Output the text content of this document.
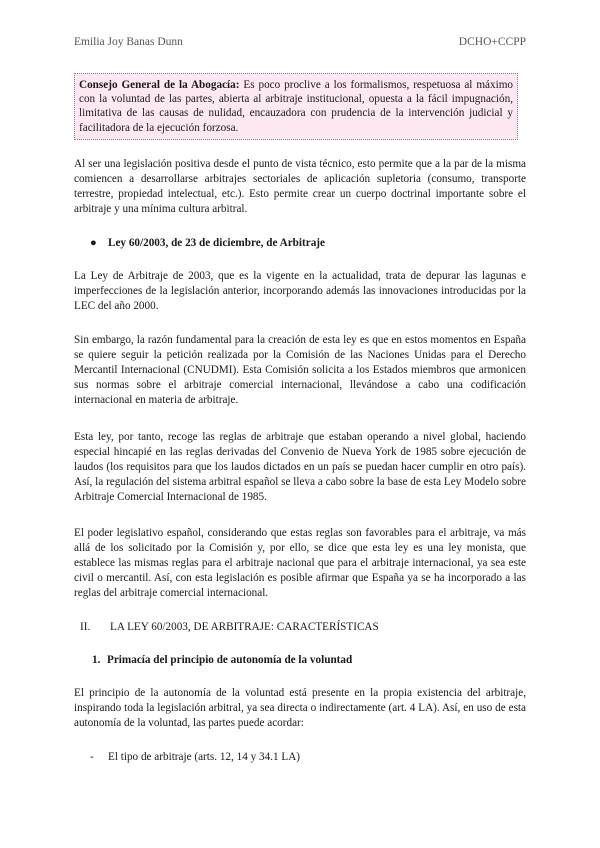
Emilia Joy Banas Dunn	DCHO+CCPP
Consejo General de la Abogacía: Es poco proclive a los formalismos, respetuosa al máximo con la voluntad de las partes, abierta al arbitraje institucional, opuesta a la fácil impugnación, limitativa de las causas de nulidad, encauzadora con prudencia de la intervención judicial y facilitadora de la ejecución forzosa.

Al ser una legislación positiva desde el punto de vista técnico, esto permite que a la par de la misma comiencen a desarrollarse arbitrajes sectoriales de aplicación supletoria (consumo, transporte terrestre, propiedad intelectual, etc.). Esto permite crear un cuerpo doctrinal importante sobre el arbitraje y una mínima cultura arbitral.

● Ley 60/2003, de 23 de diciembre, de Arbitraje

La Ley de Arbitraje de 2003, que es la vigente en la actualidad, trata de depurar las lagunas e imperfecciones de la legislación anterior, incorporando además las innovaciones introducidas por la LEC del año 2000.

Sin embargo, la razón fundamental para la creación de esta ley es que en estos momentos en España se quiere seguir la petición realizada por la Comisión de las Naciones Unidas para el Derecho Mercantil Internacional (CNUDMI). Esta Comisión solicita a los Estados miembros que armonicen sus normas sobre el arbitraje comercial internacional, llevándose a cabo una codificación internacional en materia de arbitraje.

Esta ley, por tanto, recoge las reglas de arbitraje que estaban operando a nivel global, haciendo especial hincapié en las reglas derivadas del Convenio de Nueva York de 1985 sobre ejecución de laudos (los requisitos para que los laudos dictados en un país se puedan hacer cumplir en otro país). Así, la regulación del sistema arbitral español se lleva a cabo sobre la base de esta Ley Modelo sobre Arbitraje Comercial Internacional de 1985.

El poder legislativo español, considerando que estas reglas son favorables para el arbitraje, va más allá de los solicitado por la Comisión y, por ello, se dice que esta ley es una ley monista, que establece las mismas reglas para el arbitraje nacional que para el arbitraje internacional, ya sea este civil o mercantil. Así, con esta legislación es posible afirmar que España ya se ha incorporado a las reglas del arbitraje comercial internacional.

II. LA LEY 60/2003, DE ARBITRAJE: CARACTERÍSTICAS
1. Primacía del principio de autonomía de la voluntad

El principio de la autonomía de la voluntad está presente en la propia existencia del arbitraje, inspirando toda la legislación arbitral, ya sea directa o indirectamente (art. 4 LA). Así, en uso de esta autonomía de la voluntad, las partes puede acordar:

- El tipo de arbitraje (arts. 12, 14 y 34.1 LA)
